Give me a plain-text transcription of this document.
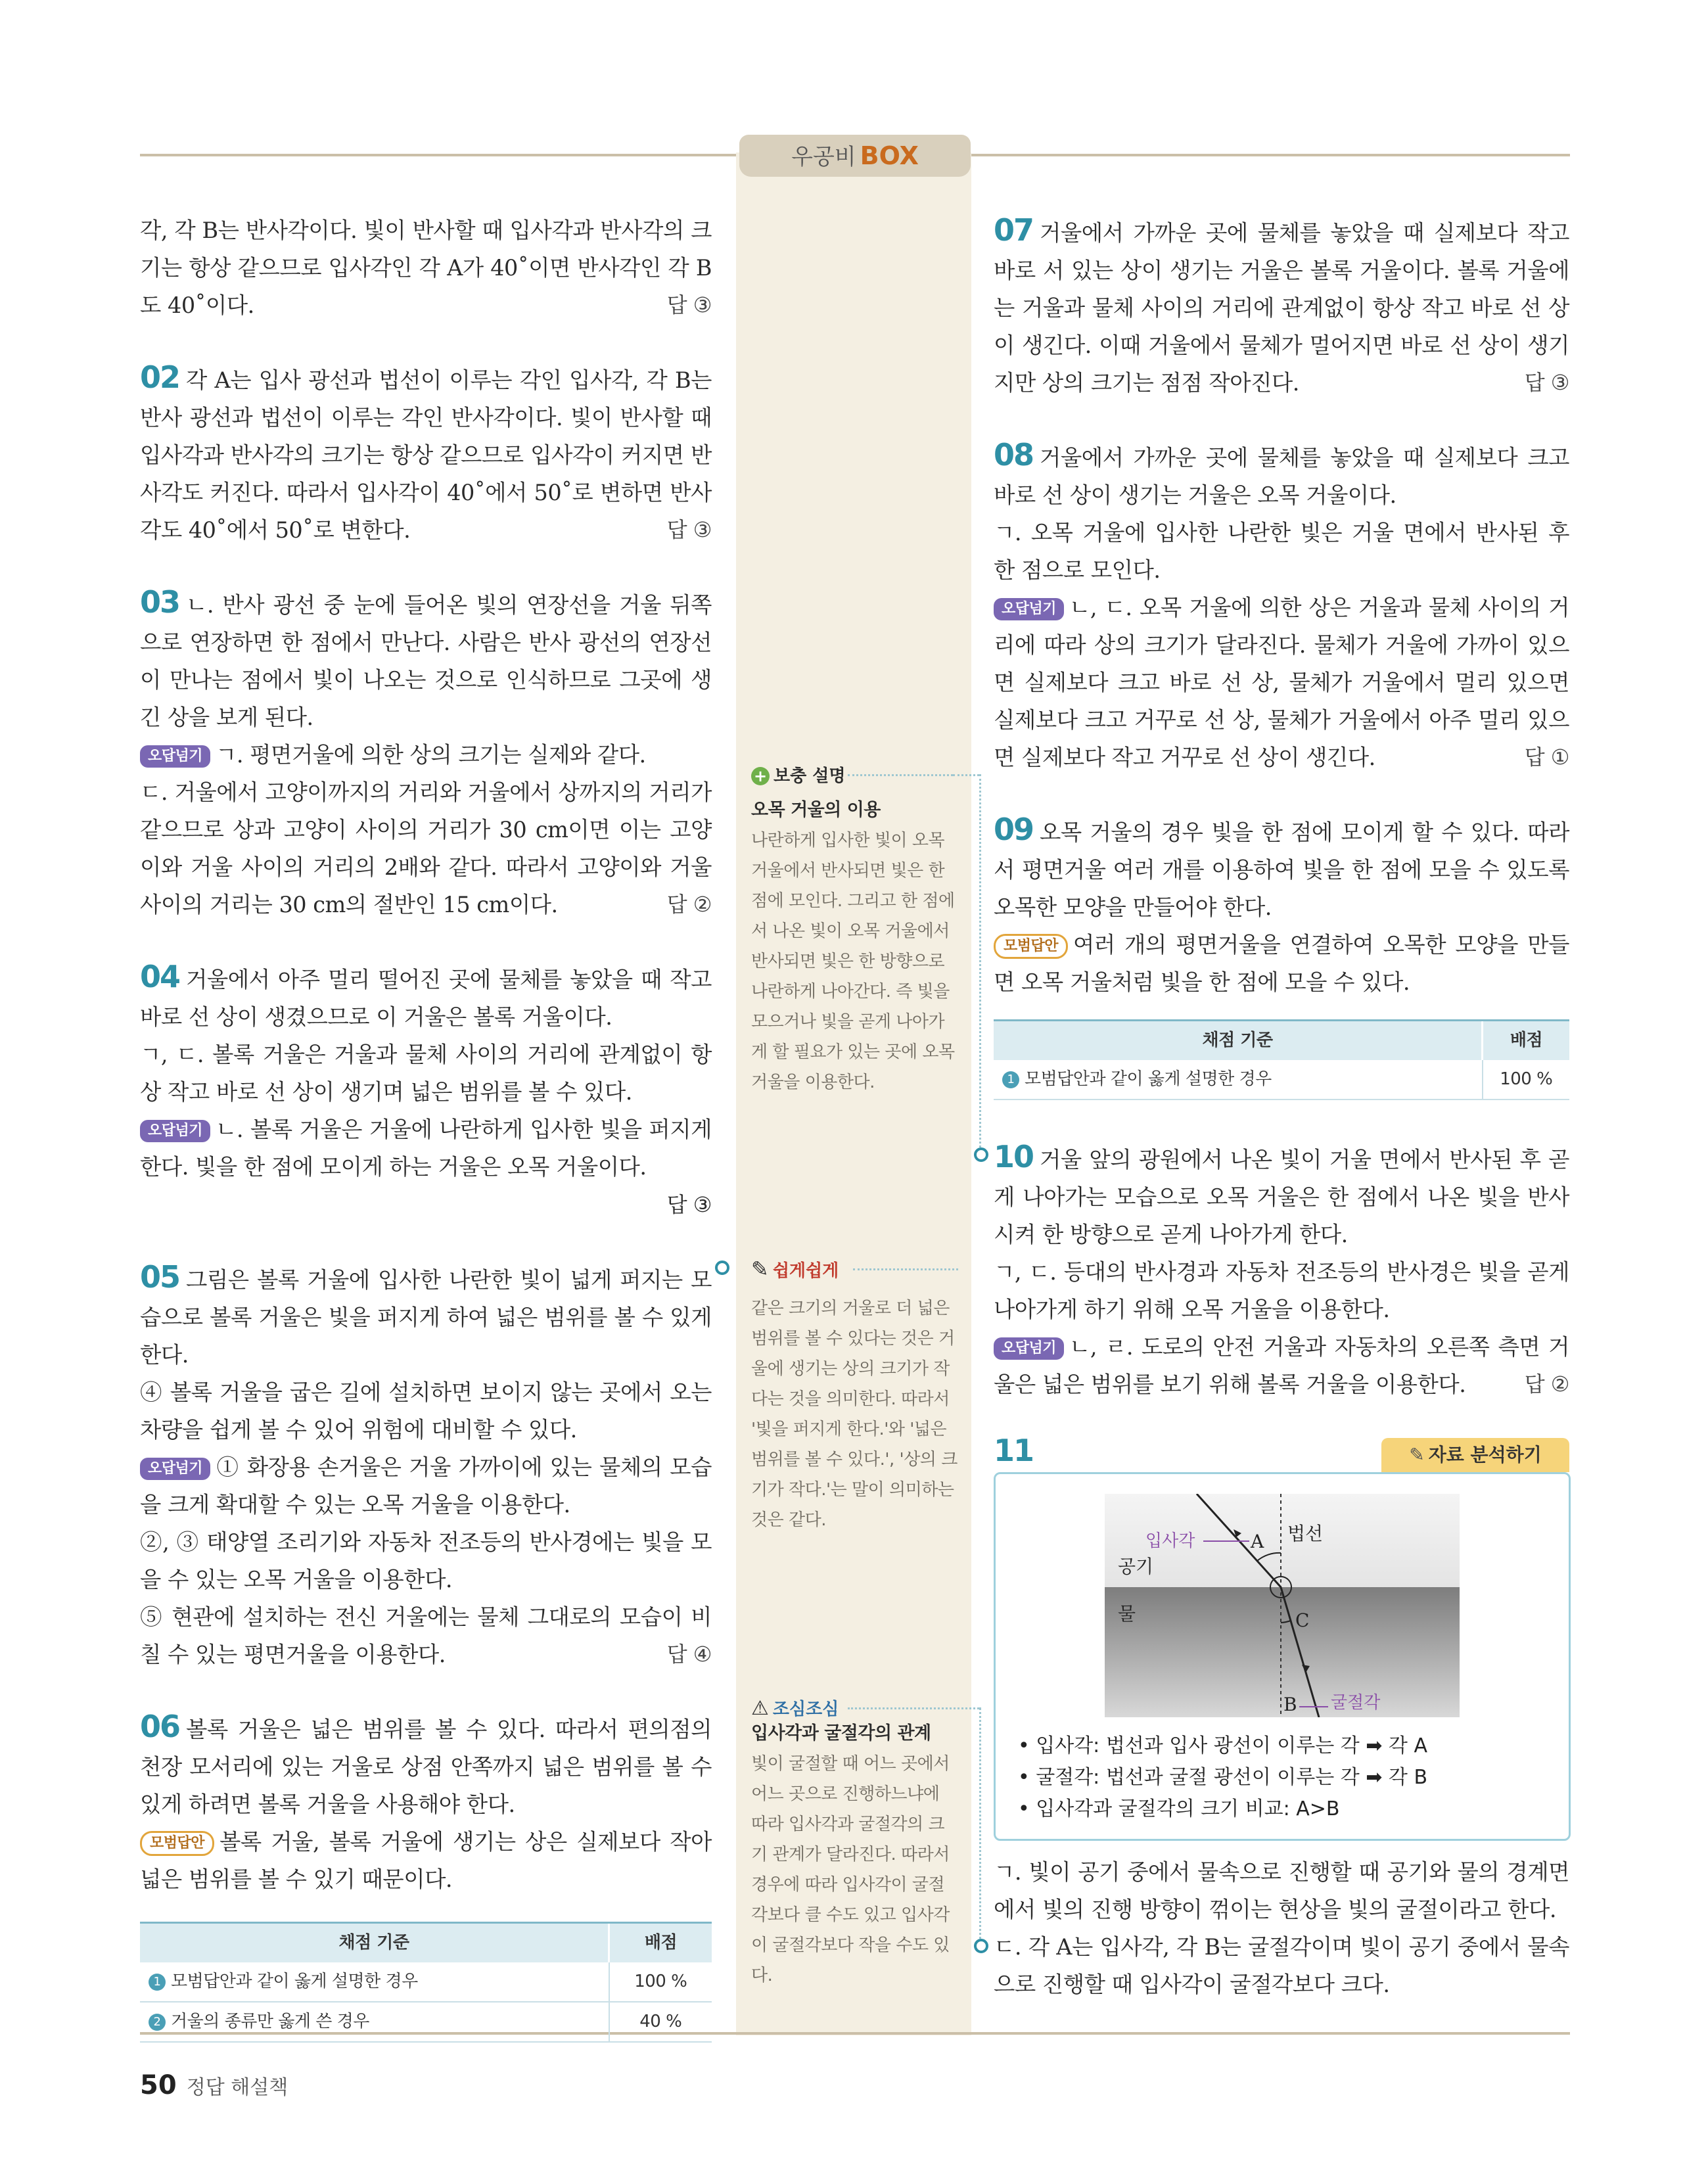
우공비 BOX

각, 각 B는 반사각이다. 빛이 반사할 때 입사각과 반사각의 크기는 항상 같으므로 입사각인 각 A가 40˚이면 반사각인 각 B도 40˚이다.	답 ③

02 각 A는 입사 광선과 법선이 이루는 각인 입사각, 각 B는 반사 광선과 법선이 이루는 각인 반사각이다. 빛이 반사할 때 입사각과 반사각의 크기는 항상 같으므로 입사각이 커지면 반사각도 커진다. 따라서 입사각이 40˚에서 50˚로 변하면 반사각도 40˚에서 50˚로 변한다.	답 ③

03 ㄴ. 반사 광선 중 눈에 들어온 빛의 연장선을 거울 뒤쪽으로 연장하면 한 점에서 만난다. 사람은 반사 광선의 연장선이 만나는 점에서 빛이 나오는 것으로 인식하므로 그곳에 생긴 상을 보게 된다.

오답넘기 ㄱ. 평면거울에 의한 상의 크기는 실제와 같다.

ㄷ. 거울에서 고양이까지의 거리와 거울에서 상까지의 거리가 같으므로 상과 고양이 사이의 거리가 30 cm이면 이는 고양이와 거울 사이의 거리의 2배와 같다. 따라서 고양이와 거울 사이의 거리는 30 cm의 절반인 15 cm이다.	답 ②

04 거울에서 아주 멀리 떨어진 곳에 물체를 놓았을 때 작고 바로 선 상이 생겼으므로 이 거울은 볼록 거울이다.

ㄱ, ㄷ. 볼록 거울은 거울과 물체 사이의 거리에 관계없이 항상 작고 바로 선 상이 생기며 넓은 범위를 볼 수 있다.

오답넘기 ㄴ. 볼록 거울은 거울에 나란하게 입사한 빛을 퍼지게 한다. 빛을 한 점에 모이게 하는 거울은 오목 거울이다.

답 ③

05 그림은 볼록 거울에 입사한 나란한 빛이 넓게 퍼지는 모습으로 볼록 거울은 빛을 퍼지게 하여 넓은 범위를 볼 수 있게 한다.

④ 볼록 거울을 굽은 길에 설치하면 보이지 않는 곳에서 오는 차량을 쉽게 볼 수 있어 위험에 대비할 수 있다.

오답넘기 ① 화장용 손거울은 거울 가까이에 있는 물체의 모습을 크게 확대할 수 있는 오목 거울을 이용한다.

②, ③ 태양열 조리기와 자동차 전조등의 반사경에는 빛을 모을 수 있는 오목 거울을 이용한다.

⑤ 현관에 설치하는 전신 거울에는 물체 그대로의 모습이 비칠 수 있는 평면거울을 이용한다.	답 ④

06 볼록 거울은 넓은 범위를 볼 수 있다. 따라서 편의점의 천장 모서리에 있는 거울로 상점 안쪽까지 넓은 범위를 볼 수 있게 하려면 볼록 거울을 사용해야 한다.

모범답안 볼록 거울, 볼록 거울에 생기는 상은 실제보다 작아 넓은 범위를 볼 수 있기 때문이다.

채점 기준	배점
1 모범답안과 같이 옳게 설명한 경우	100 %
2 거울의 종류만 옳게 쓴 경우	40 %
+ 보충 설명
오목 거울의 이용
나란하게 입사한 빛이 오목 거울에서 반사되면 빛은 한 점에 모인다. 그리고 한 점에서 나온 빛이 오목 거울에서 반사되면 빛은 한 방향으로 나란하게 나아간다. 즉 빛을 모으거나 빛을 곧게 나아가게 할 필요가 있는 곳에 오목 거울을 이용한다.
✎ 쉽게쉽게
같은 크기의 거울로 더 넓은 범위를 볼 수 있다는 것은 거울에 생기는 상의 크기가 작다는 것을 의미한다. 따라서 '빛을 퍼지게 한다.'와 '넓은 범위를 볼 수 있다.', '상의 크기가 작다.'는 말이 의미하는 것은 같다.
⚠ 조심조심
입사각과 굴절각의 관계
빛이 굴절할 때 어느 곳에서 어느 곳으로 진행하느냐에 따라 입사각과 굴절각의 크기 관계가 달라진다. 따라서 경우에 따라 입사각이 굴절각보다 클 수도 있고 입사각이 굴절각보다 작을 수도 있다.

07 거울에서 가까운 곳에 물체를 놓았을 때 실제보다 작고 바로 서 있는 상이 생기는 거울은 볼록 거울이다. 볼록 거울에는 거울과 물체 사이의 거리에 관계없이 항상 작고 바로 선 상이 생긴다. 이때 거울에서 물체가 멀어지면 바로 선 상이 생기지만 상의 크기는 점점 작아진다.	답 ③

08 거울에서 가까운 곳에 물체를 놓았을 때 실제보다 크고 바로 선 상이 생기는 거울은 오목 거울이다.

ㄱ. 오목 거울에 입사한 나란한 빛은 거울 면에서 반사된 후 한 점으로 모인다.

오답넘기 ㄴ, ㄷ. 오목 거울에 의한 상은 거울과 물체 사이의 거리에 따라 상의 크기가 달라진다. 물체가 거울에 가까이 있으면 실제보다 크고 바로 선 상, 물체가 거울에서 멀리 있으면 실제보다 크고 거꾸로 선 상, 물체가 거울에서 아주 멀리 있으면 실제보다 작고 거꾸로 선 상이 생긴다.	답 ①

09 오목 거울의 경우 빛을 한 점에 모이게 할 수 있다. 따라서 평면거울 여러 개를 이용하여 빛을 한 점에 모을 수 있도록 오목한 모양을 만들어야 한다.

모범답안 여러 개의 평면거울을 연결하여 오목한 모양을 만들면 오목 거울처럼 빛을 한 점에 모을 수 있다.

채점 기준	배점
1 모범답안과 같이 옳게 설명한 경우	100 %

10 거울 앞의 광원에서 나온 빛이 거울 면에서 반사된 후 곧게 나아가는 모습으로 오목 거울은 한 점에서 나온 빛을 반사시켜 한 방향으로 곧게 나아가게 한다.

ㄱ, ㄷ. 등대의 반사경과 자동차 전조등의 반사경은 빛을 곧게 나아가게 하기 위해 오목 거울을 이용한다.

오답넘기 ㄴ, ㄹ. 도로의 안전 거울과 자동차의 오른쪽 측면 거울은 넓은 범위를 보기 위해 볼록 거울을 이용한다.	답 ②

11	✎ 자료 분석하기
입사각	A 법선
공기
물	C
B 굴절각
• 입사각: 법선과 입사 광선이 이루는 각 ➡ 각 A
• 굴절각: 법선과 굴절 광선이 이루는 각 ➡ 각 B
• 입사각과 굴절각의 크기 비교: A>B

ㄱ. 빛이 공기 중에서 물속으로 진행할 때 공기와 물의 경계면에서 빛의 진행 방향이 꺾이는 현상을 빛의 굴절이라고 한다.

ㄷ. 각 A는 입사각, 각 B는 굴절각이며 빛이 공기 중에서 물속으로 진행할 때 입사각이 굴절각보다 크다.

50 정답 해설책
